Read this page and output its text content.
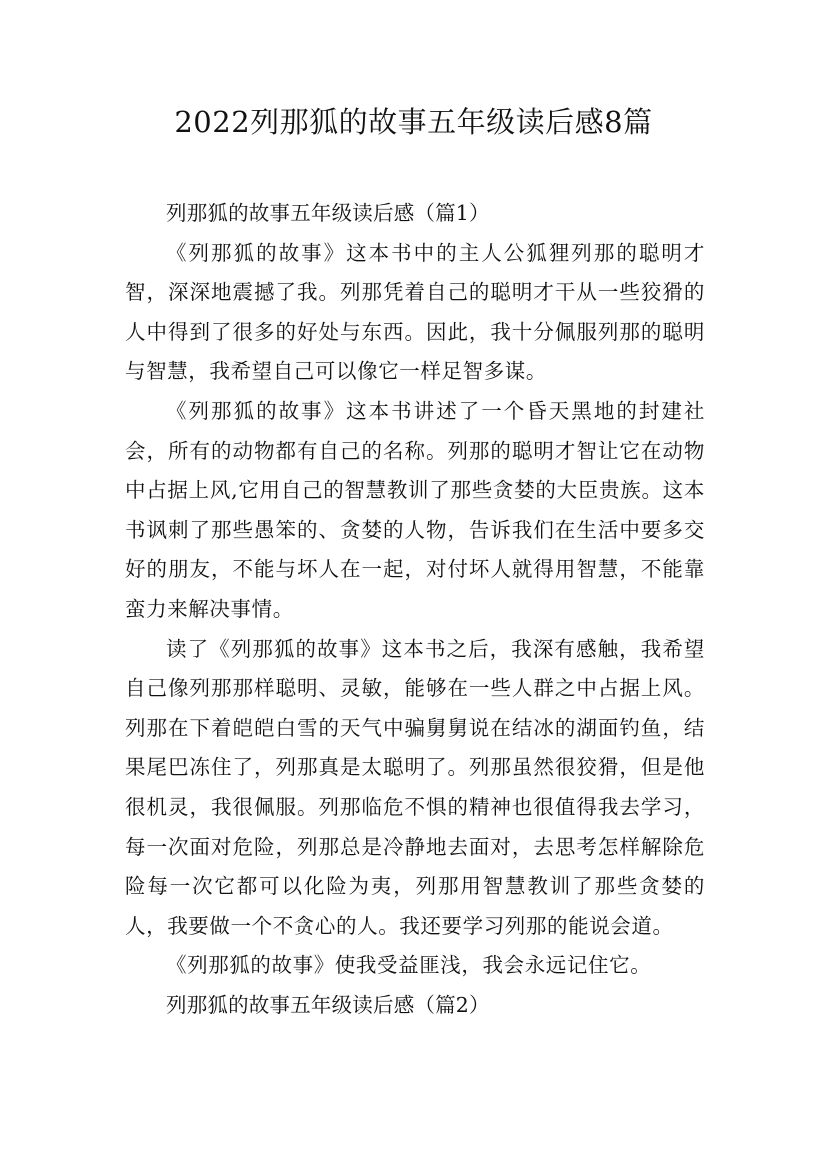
2022列那狐的故事五年级读后感8篇

列那狐的故事五年级读后感（篇1）

《列那狐的故事》这本书中的主人公狐狸列那的聪明才智，深深地震撼了我。列那凭着自己的聪明才干从一些狡猾的人中得到了很多的好处与东西。因此，我十分佩服列那的聪明与智慧，我希望自己可以像它一样足智多谋。

《列那狐的故事》这本书讲述了一个昏天黑地的封建社会，所有的动物都有自己的名称。列那的聪明才智让它在动物中占据上风,它用自己的智慧教训了那些贪婪的大臣贵族。这本书讽刺了那些愚笨的、贪婪的人物，告诉我们在生活中要多交好的朋友，不能与坏人在一起，对付坏人就得用智慧，不能靠蛮力来解决事情。

读了《列那狐的故事》这本书之后，我深有感触，我希望自己像列那那样聪明、灵敏，能够在一些人群之中占据上风。列那在下着皑皑白雪的天气中骗舅舅说在结冰的湖面钓鱼，结果尾巴冻住了，列那真是太聪明了。列那虽然很狡猾，但是他很机灵，我很佩服。列那临危不惧的精神也很值得我去学习，每一次面对危险，列那总是冷静地去面对，去思考怎样解除危险每一次它都可以化险为夷，列那用智慧教训了那些贪婪的人，我要做一个不贪心的人。我还要学习列那的能说会道。

《列那狐的故事》使我受益匪浅，我会永远记住它。

列那狐的故事五年级读后感（篇2）
